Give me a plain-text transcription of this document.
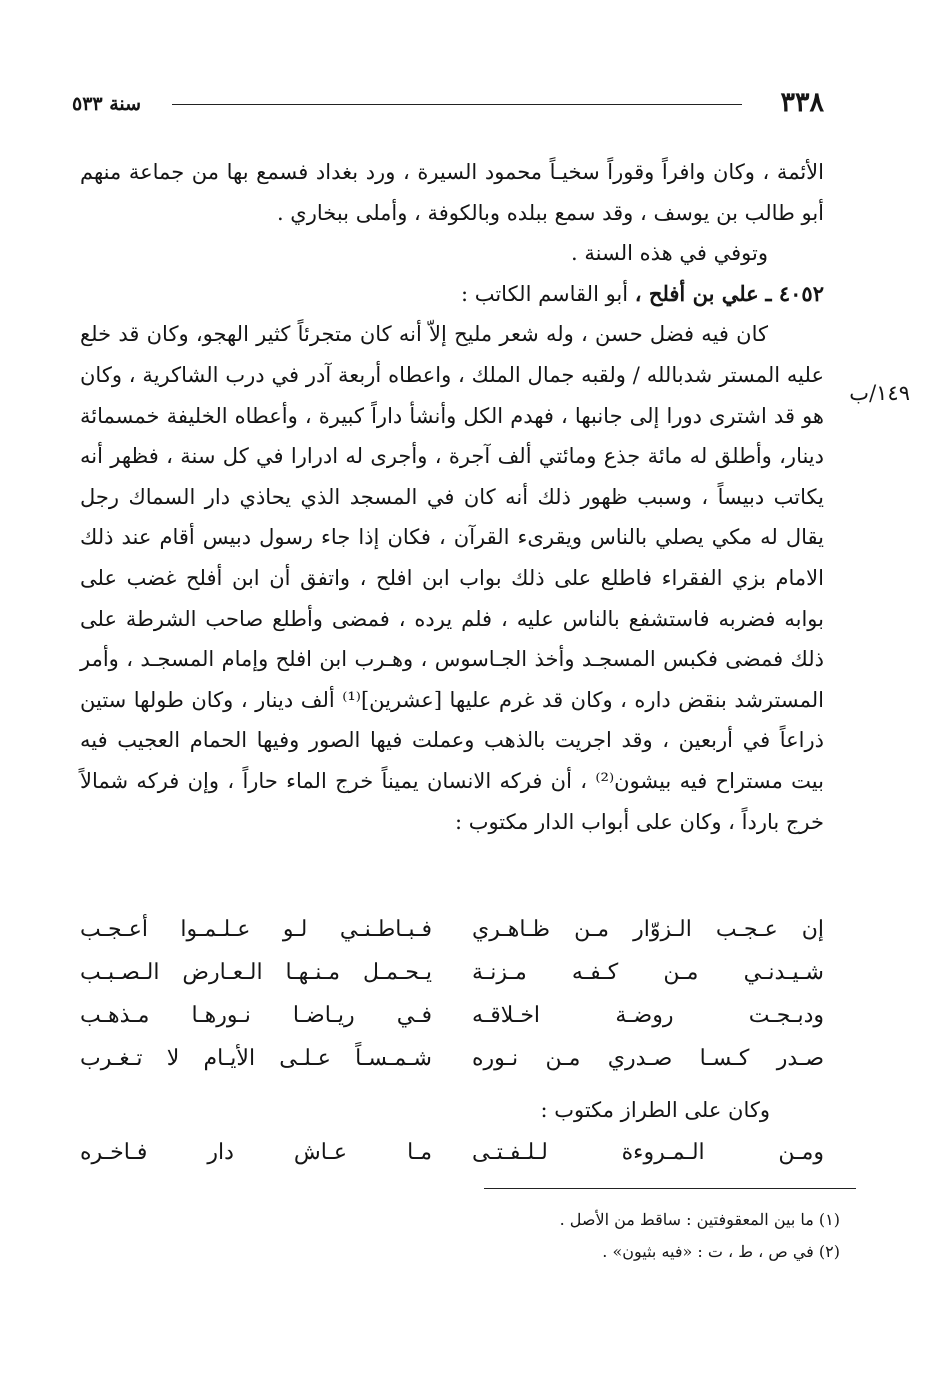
٣٣٨
سنة ٥٣٣
١٤٩/ب

الأئمة ، وكان وافراً وقوراً سخيـاً محمود السيرة ، ورد بغداد فسمع بها من جماعة منهم أبو طالب بن يوسف ، وقد سمع ببلده وبالكوفة ، وأملى ببخاري .

وتوفي في هذه السنة .

٤٠٥٢ ـ علي بن أفلح ، أبو القاسم الكاتب :

كان فيه فضل حسن ، وله شعر مليح إلاّ أنه كان متجرئاً كثير الهجو، وكان قد خلع عليه المستر شدبالله / ولقبه جمال الملك ، واعطاه أربعة آدر في درب الشاكرية ، وكان هو قد اشترى دورا إلى جانبها ، فهدم الكل وأنشأ داراً كبيرة ، وأعطاه الخليفة خمسمائة دينار، وأطلق له مائة جذع ومائتي ألف آجرة ، وأجرى له ادرارا في كل سنة ، فظهر أنه يكاتب دبيساً ، وسبب ظهور ذلك أنه كان في المسجد الذي يحاذي دار السماك رجل يقال له مكي يصلي بالناس ويقرىء القرآن ، فكان إذا جاء رسول دبيس أقام عند ذلك الامام بزي الفقراء فاطلع على ذلك بواب ابن افلح ، واتفق أن ابن أفلح غضب على بوابه فضربه فاستشفع بالناس عليه ، فلم يرده ، فمضى وأطلع صاحب الشرطة على ذلك فمضى فكبس المسجـد وأخذ الجـاسوس ، وهـرب ابن افلح وإمام المسجـد ، وأمر المسترشد بنقض داره ، وكان قد غرم عليها [عشرين]⁽¹⁾ ألف دينار ، وكان طولها ستين ذراعاً في أربعين ، وقد اجريت بالذهب وعملت فيها الصور وفيها الحمام العجيب فيه بيت مستراح فيه بيشون⁽²⁾ ، أن فركه الانسان يميناً خرج الماء حاراً ، وإن فركه شمالاً خرج بارداً ، وكان على أبواب الدار مكتوب :

إن عـجـب الـزوّار مـن ظـاهـري
فـبـاطـنـي لـو عـلـمـوا أعـجـب
شـيـدنـي مـن كـفـه مـزنـة
يـحـمـل مـنـهـا الـعـارض الـصـبـب
ودبـجـت روضـة اخـلاقـه
فـي ريـاضـا نـورهـا مـذهـب
صـدر كـسـا صـدري مـن نـوره
شـمـسـاً عـلـى الأيـام لا تـغـرب
وكان على الطراز مكتوب :
ومـن الـمـروءة لـلـفـتـى
مـا عـاش دار فـاخـره
(١) ما بين المعقوفتين : ساقط من الأصل .
(٢) في ص ، ط ، ت : «فيه بثيون» .
